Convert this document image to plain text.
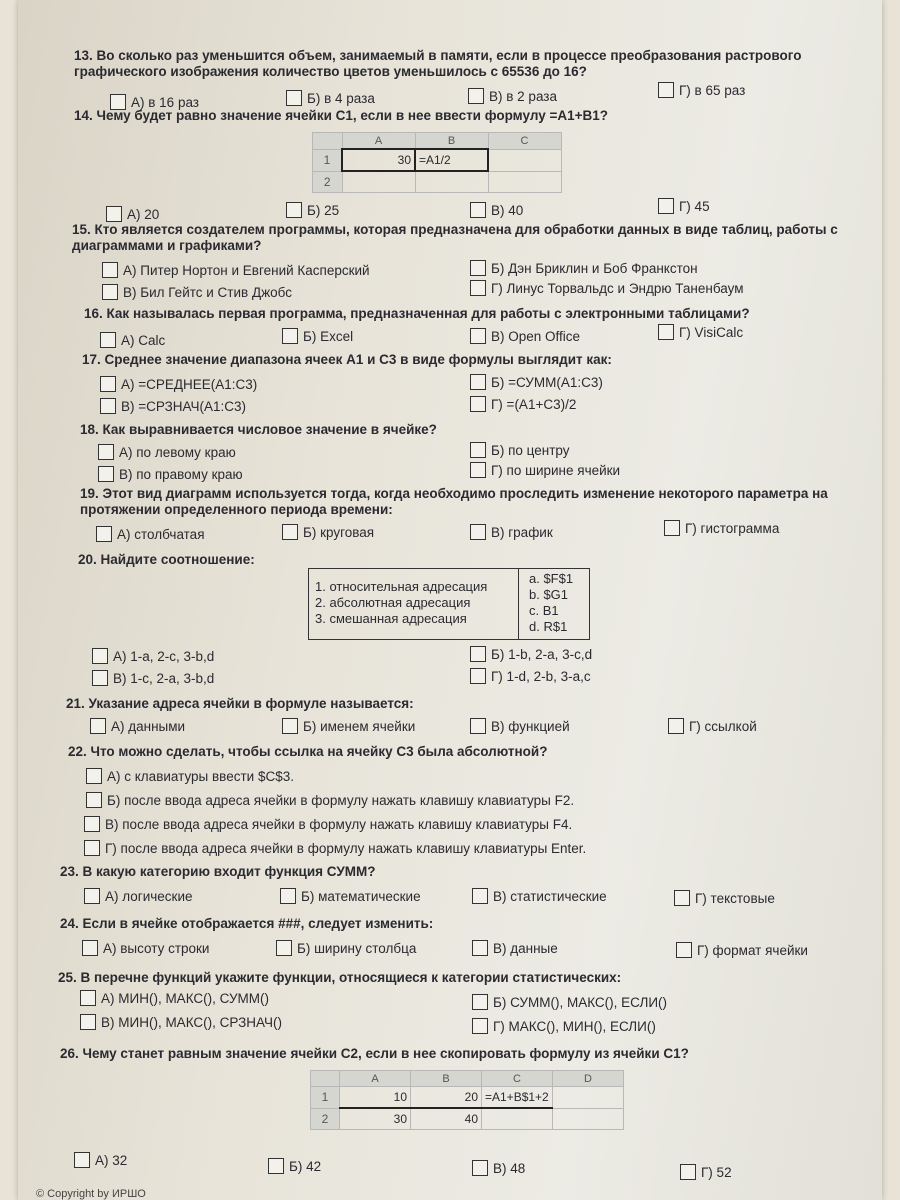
13. Во сколько раз уменьшится объем, занимаемый в памяти, если в процессе преобразования растрового графического изображения количество цветов уменьшилось с 65536 до 16?
А) в 16 раз	Б) в 4 раза	В) в 2 раза	Г) в 65 раз
14. Чему будет равно значение ячейки С1, если в нее ввести формулу =А1+В1?
	A	B	C
1	30	=A1/2	
2			
А) 20	Б) 25	В) 40	Г) 45
15. Кто является создателем программы, которая предназначена для обработки данных в виде таблиц, работы с диаграммами и графиками?
А) Питер Нортон и Евгений Касперский	Б) Дэн Бриклин и Боб Франкстон
В) Бил Гейтс и Стив Джобс	Г) Линус Торвальдс и Эндрю Таненбаум
16. Как называлась первая программа, предназначенная для работы с электронными таблицами?
А) Calc	Б) Excel	В) Open Office	Г) VisiCalc
17. Среднее значение диапазона ячеек А1 и С3 в виде формулы выглядит как:
А) =СРЕДНЕЕ(А1:С3)	Б) =СУММ(А1:С3)
В) =СРЗНАЧ(А1:С3)	Г) =(А1+С3)/2
18. Как выравнивается числовое значение в ячейке?
А) по левому краю	Б) по центру
В) по правому краю	Г) по ширине ячейки
19. Этот вид диаграмм используется тогда, когда необходимо проследить изменение некоторого параметра на протяжении определенного периода времени:
А) столбчатая	Б) круговая	В) график	Г) гистограмма
20. Найдите соотношение:
1. относительная адресация
2. абсолютная адресация
3. смешанная адресация
a. $F$1
b. $G1
c. B1
d. R$1
А) 1-a, 2-c, 3-b,d	Б) 1-b, 2-a, 3-c,d
В) 1-c, 2-a, 3-b,d	Г) 1-d, 2-b, 3-a,c
21. Указание адреса ячейки в формуле называется:
А) данными	Б) именем ячейки	В) функцией	Г) ссылкой
22. Что можно сделать, чтобы ссылка на ячейку С3 была абсолютной?
А) с клавиатуры ввести $C$3.
Б) после ввода адреса ячейки в формулу нажать клавишу клавиатуры F2.
В) после ввода адреса ячейки в формулу нажать клавишу клавиатуры F4.
Г) после ввода адреса ячейки в формулу нажать клавишу клавиатуры Enter.
23. В какую категорию входит функция СУММ?
А) логические	Б) математические	В) статистические	Г) текстовые
24. Если в ячейке отображается ###, следует изменить:
А) высоту строки	Б) ширину столбца	В) данные	Г) формат ячейки
25. В перечне функций укажите функции, относящиеся к категории статистических:
А) МИН(), МАКС(), СУММ()	Б) СУММ(), МАКС(), ЕСЛИ()
В) МИН(), МАКС(), СРЗНАЧ()	Г) МАКС(), МИН(), ЕСЛИ()
26. Чему станет равным значение ячейки С2, если в нее скопировать формулу из ячейки С1?
	A	B	C	D
1	10	20	=A1+B$1+2	
2	30	40		
А) 32	Б) 42	В) 48	Г) 52
© Copyright by ИРШО
